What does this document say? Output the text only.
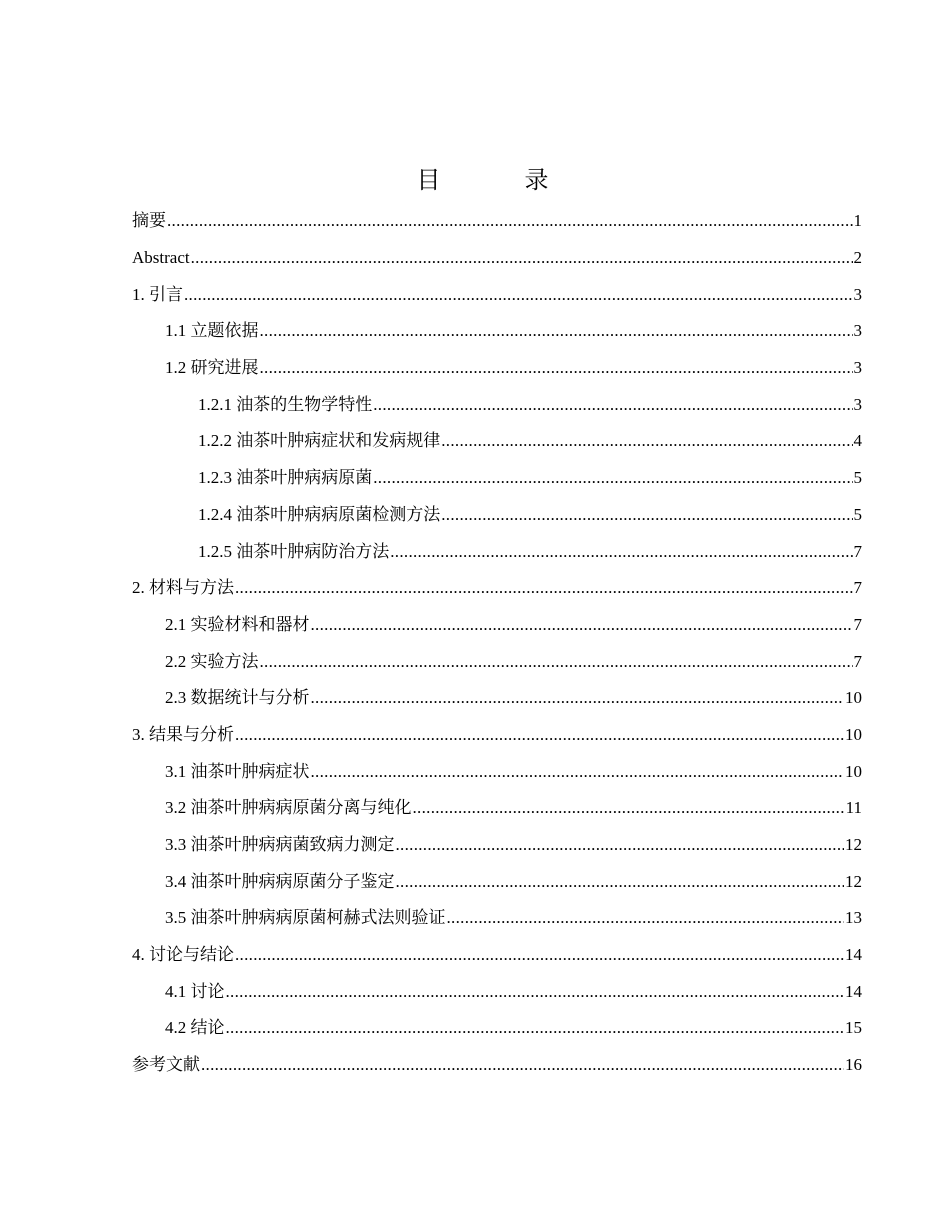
目　录
摘要 .....	1
Abstract .....	2
1. 引言 .....	3
1.1 立题依据 .....	3
1.2 研究进展 .....	3
1.2.1 油茶的生物学特性 .....	3
1.2.2 油茶叶肿病症状和发病规律 .....	4
1.2.3 油茶叶肿病病原菌 .....	5
1.2.4 油茶叶肿病病原菌检测方法 .....	5
1.2.5 油茶叶肿病防治方法 .....	7
2. 材料与方法 .....	7
2.1 实验材料和器材 .....	7
2.2 实验方法 .....	7
2.3 数据统计与分析 .....	10
3. 结果与分析 .....	10
3.1 油茶叶肿病症状 .....	10
3.2 油茶叶肿病病原菌分离与纯化 .....	11
3.3 油茶叶肿病病菌致病力测定 .....	12
3.4 油茶叶肿病病原菌分子鉴定 .....	12
3.5 油茶叶肿病病原菌柯赫式法则验证 .....	13
4. 讨论与结论 .....	14
4.1 讨论 .....	14
4.2 结论 .....	15
参考文献 .....	16
